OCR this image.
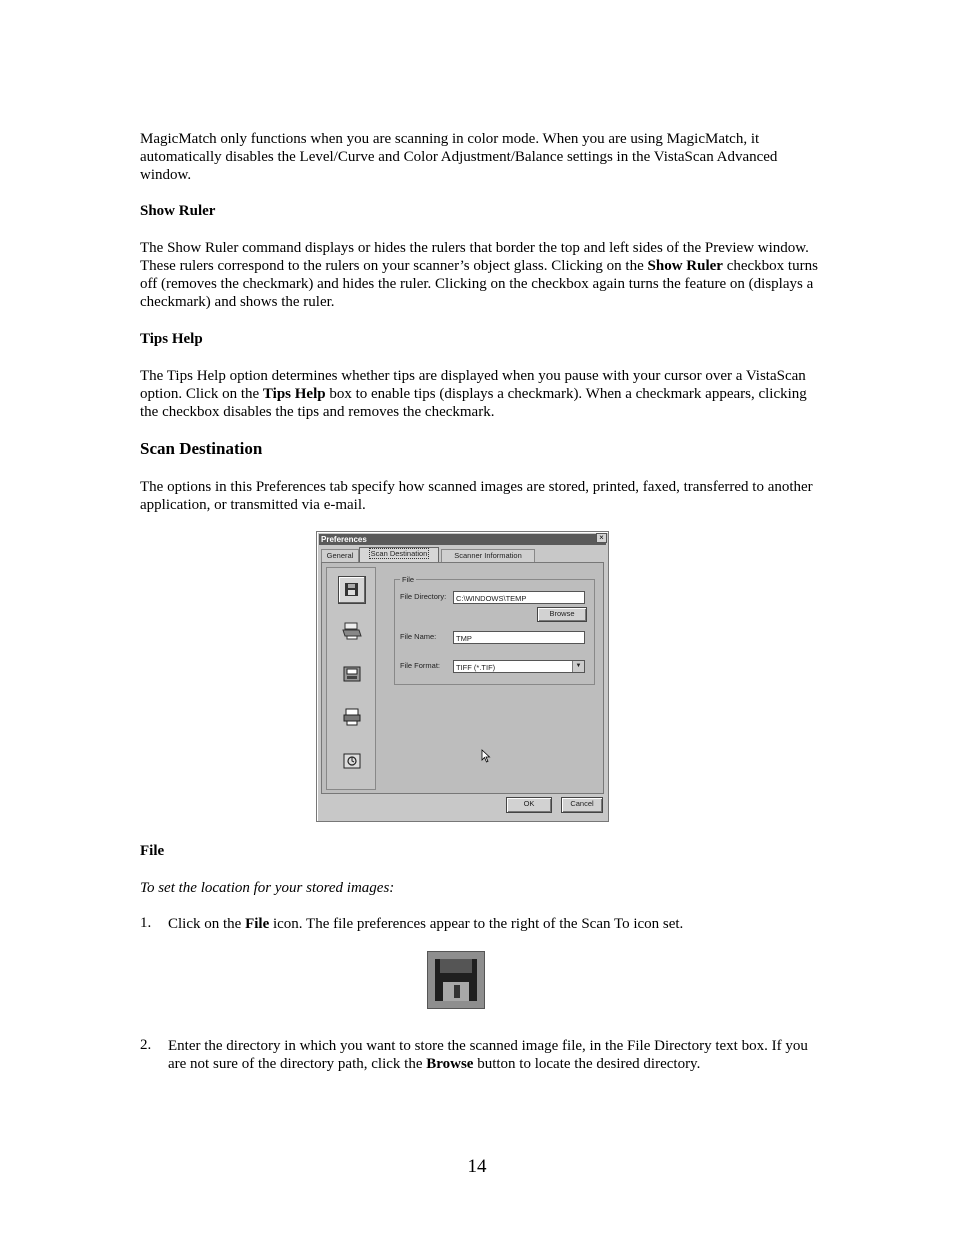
MagicMatch only functions when you are scanning in color mode. When you are using MagicMatch, it automatically disables the Level/Curve and Color Adjustment/Balance settings in the VistaScan Advanced window.

Show Ruler

The Show Ruler command displays or hides the rulers that border the top and left sides of the Preview window. These rulers correspond to the rulers on your scanner’s object glass. Clicking on the Show Ruler checkbox turns off (removes the checkmark) and hides the ruler. Clicking on the checkbox again turns the feature on (displays a checkmark) and shows the ruler.

Tips Help

The Tips Help option determines whether tips are displayed when you pause with your cursor over a VistaScan option. Click on the Tips Help box to enable tips (displays a checkmark). When a checkmark appears, clicking the checkbox disables the tips and removes the checkmark.

Scan Destination

The options in this Preferences tab specify how scanned images are stored, printed, faxed, transferred to another application, or transmitted via e-mail.

Preferences	×
General	Scan Destination	Scanner Information
File
File Directory:	C:\WINDOWS\TEMP
Browse
File Name:	TMP
File Format:	TIFF (*.TIF)	▼
OK	Cancel
File

To set the location for your stored images:

1. Click on the File icon. The file preferences appear to the right of the Scan To icon set.
2. Enter the directory in which you want to store the scanned image file, in the File Directory text box. If you are not sure of the directory path, click the Browse button to locate the desired directory.
14
